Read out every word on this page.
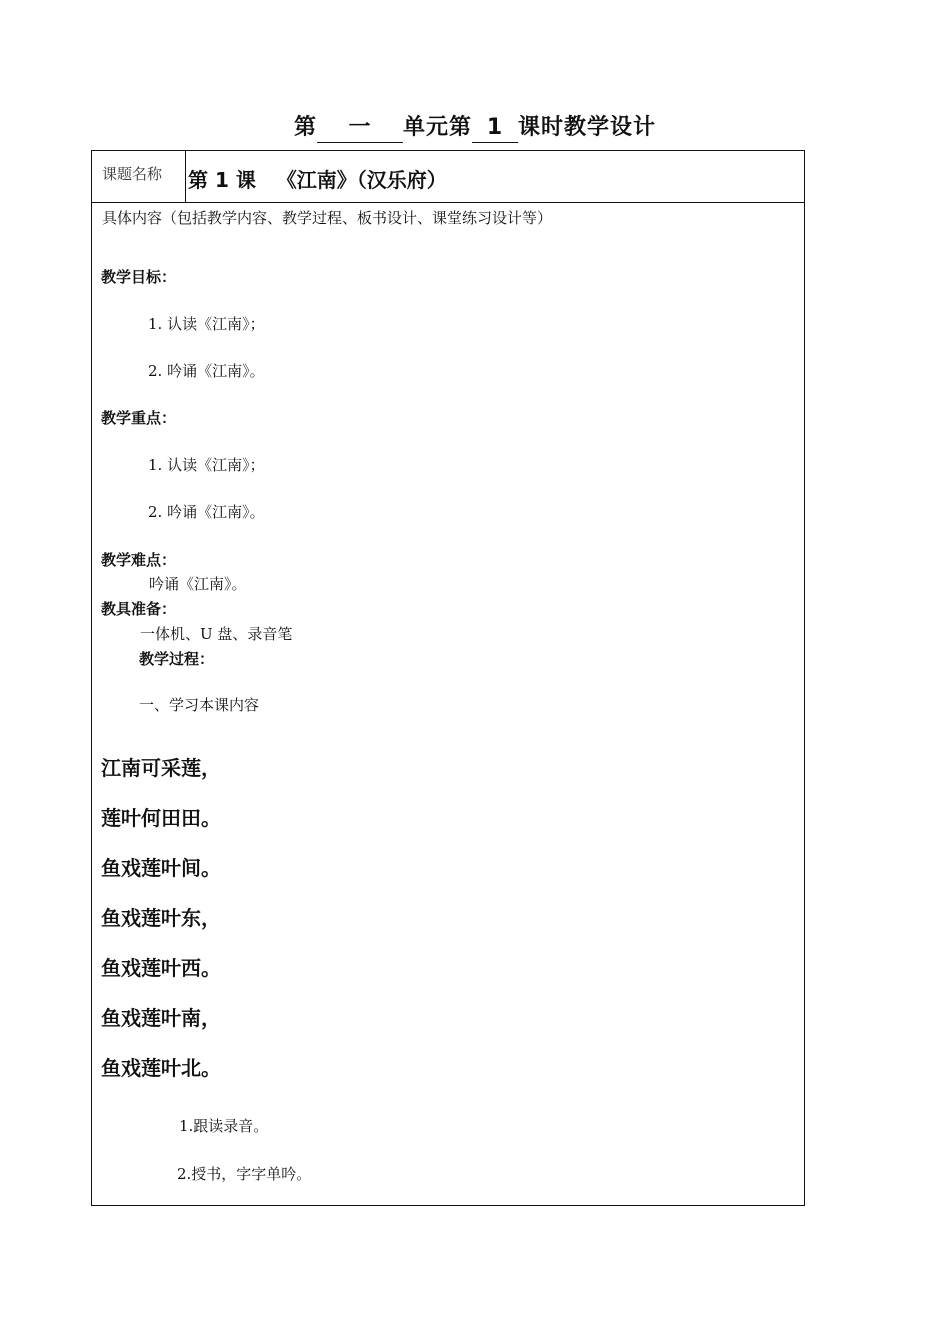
第 一 单元第 1 课时教学设计
课题名称	第 1 课   《江南》（汉乐府）
具体内容（包括教学内容、教学过程、板书设计、课堂练习设计等）
教学目标：
1. 认读《江南》；
2. 吟诵《江南》。
教学重点：
1. 认读《江南》；
2. 吟诵《江南》。
教学难点：
吟诵《江南》。
教具准备：
一体机、U 盘、录音笔
教学过程：
一、学习本课内容
江南可采莲，
莲叶何田田。
鱼戏莲叶间。
鱼戏莲叶东，
鱼戏莲叶西。
鱼戏莲叶南，
鱼戏莲叶北。
1.跟读录音。
2.授书，字字单吟。
